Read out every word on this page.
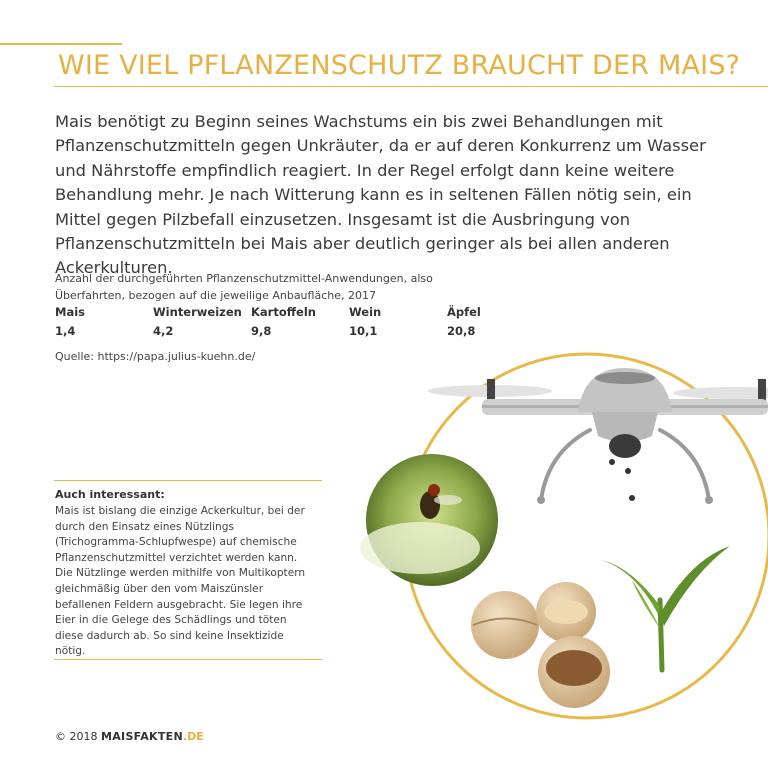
WIE VIEL PFLANZENSCHUTZ BRAUCHT DER MAIS?

Mais benötigt zu Beginn seines Wachstums ein bis zwei Behandlungen mit Pflanzenschutzmitteln gegen Unkräuter, da er auf deren Konkurrenz um Wasser und Nährstoffe empfindlich reagiert. In der Regel erfolgt dann keine weitere Behandlung mehr. Je nach Witterung kann es in seltenen Fällen nötig sein, ein Mittel gegen Pilzbefall einzusetzen. Insgesamt ist die Ausbringung von Pflanzenschutzmitteln bei Mais aber deutlich geringer als bei allen anderen Ackerkulturen.

Anzahl der durchgeführten Pflanzenschutzmittel-Anwendungen, also Überfahrten, bezogen auf die jeweilige Anbaufläche, 2017

Mais
1,4
Winterweizen
4,2
Kartoffeln
9,8
Wein
10,1
Äpfel
20,8
Quelle: https://papa.julius-kuehn.de/
Auch interessant:

Mais ist bislang die einzige Ackerkultur, bei der durch den Einsatz eines Nützlings (Trichogramma-Schlupfwespe) auf chemische Pflanzenschutzmittel verzichtet werden kann. Die Nützlinge werden mithilfe von Multikoptern gleichmäßig über den vom Maiszünsler befallenen Feldern ausgebracht. Sie legen ihre Eier in die Gelege des Schädlings und töten diese dadurch ab. So sind keine Insektizide nötig.

© 2018 MAISFAKTEN.DE
